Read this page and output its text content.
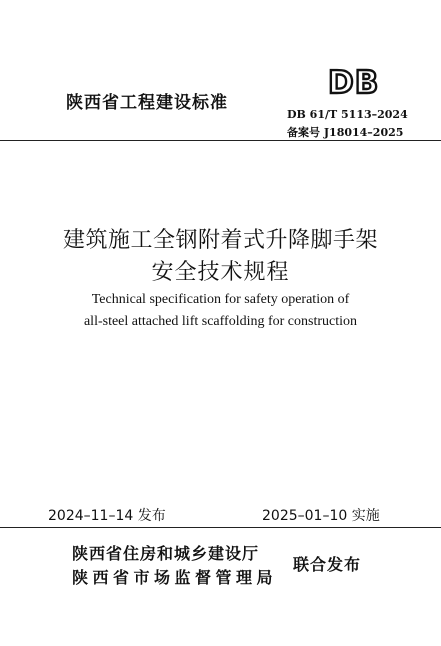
陕西省工程建设标准
DB
DB 61/T 5113–2024
备案号 J18014–2025
建筑施工全钢附着式升降脚手架
安全技术规程
Technical specification for safety operation of
all-steel attached lift scaffolding for construction
2024–11–14 发布	2025–01–10 实施
陕西省住房和城乡建设厅
陕西省市场监督管理局
联合发布
